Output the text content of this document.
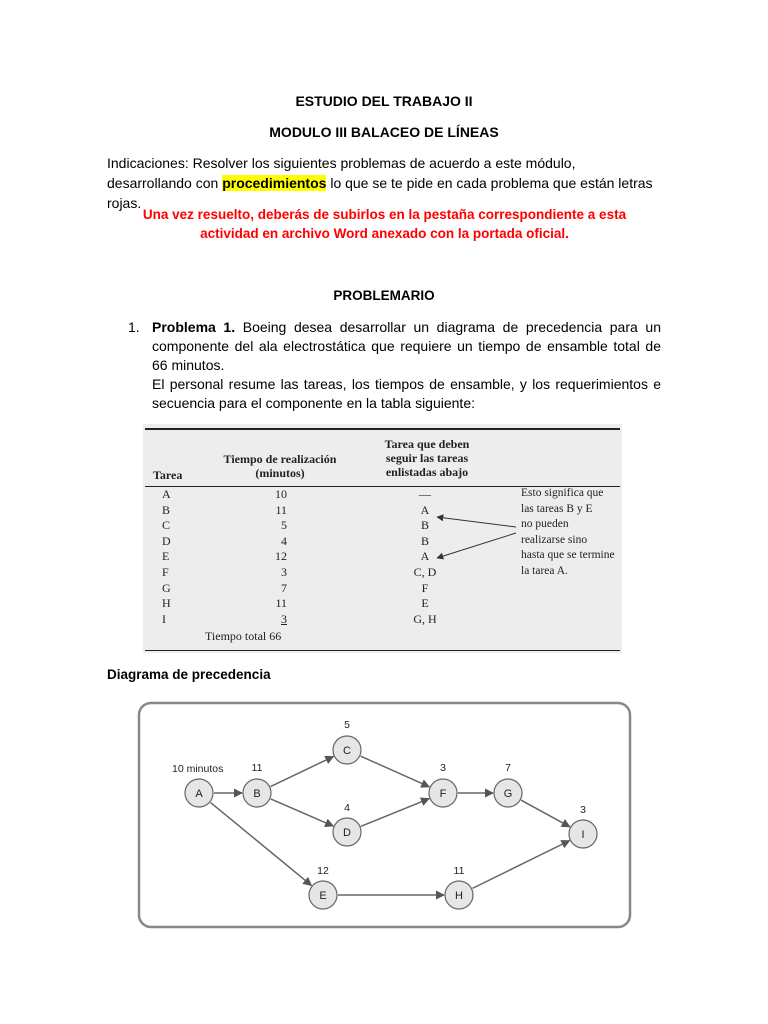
ESTUDIO DEL TRABAJO II
MODULO III BALACEO DE LÍNEAS
Indicaciones: Resolver los siguientes problemas de acuerdo a este módulo, desarrollando con procedimientos lo que se te pide en cada problema que están letras rojas.
Una vez resuelto, deberás de subirlos en la pestaña correspondiente a esta
actividad en archivo Word anexado con la portada oficial.
PROBLEMARIO
1. Problema 1. Boeing desea desarrollar un diagrama de precedencia para un componente del ala electrostática que requiere un tiempo de ensamble total de 66 minutos.

El personal resume las tareas, los tiempos de ensamble, y los requerimientos e secuencia para el componente en la tabla siguiente:

Tarea
Tiempo de realización
(minutos)
Tarea que deben
seguir las tareas
enlistadas abajo
A	10	—
B	11	A
C	5	B
D	4	B
E	12	A
F	3	C, D
G	7	F
H	11	E
I	3	G, H
Tiempo total 66
Esto significa que
las tareas B y E
no pueden
realizarse sino
hasta que se termine
la tarea A.
Diagrama de precedencia
A	B
11
C
5
D
4
E
12
F
3
G
7
H
11
I
3
10 minutos
